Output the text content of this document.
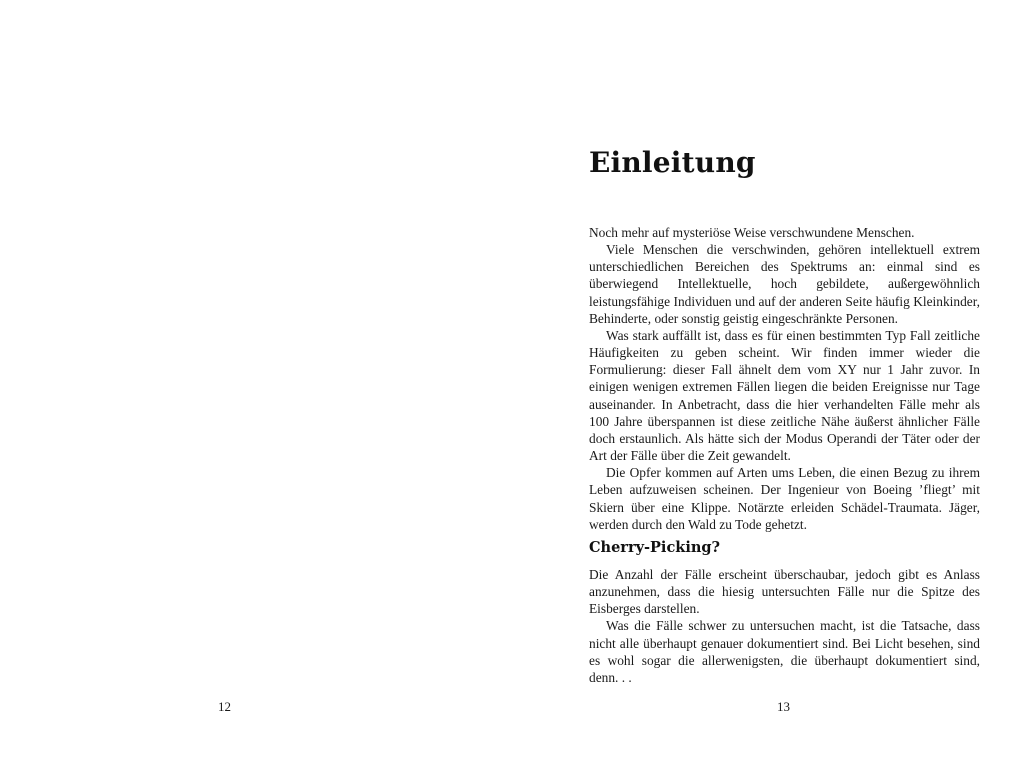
12
Einleitung

Noch mehr auf mysteriöse Weise verschwundene Menschen.

Viele Menschen die verschwinden, gehören intellektuell extrem unterschiedlichen Bereichen des Spektrums an: einmal sind es überwiegend Intellektuelle, hoch gebildete, außergewöhnlich leistungsfähige Individuen und auf der anderen Seite häufig Kleinkinder, Behinderte, oder sonstig geistig eingeschränkte Personen.

Was stark auffällt ist, dass es für einen bestimmten Typ Fall zeitliche Häufigkeiten zu geben scheint. Wir finden immer wieder die Formulierung: dieser Fall ähnelt dem vom XY nur 1 Jahr zuvor. In einigen wenigen extremen Fällen liegen die beiden Ereignisse nur Tage auseinander. In Anbetracht, dass die hier verhandelten Fälle mehr als 100 Jahre überspannen ist diese zeitliche Nähe äußerst ähnlicher Fälle doch erstaunlich. Als hätte sich der Modus Operandi der Täter oder der Art der Fälle über die Zeit gewandelt.

Die Opfer kommen auf Arten ums Leben, die einen Bezug zu ihrem Leben aufzuweisen scheinen. Der Ingenieur von Boeing ’fliegt’ mit Skiern über eine Klippe. Notärzte erleiden Schädel-Traumata. Jäger, werden durch den Wald zu Tode gehetzt.

Cherry-Picking?

Die Anzahl der Fälle erscheint überschaubar, jedoch gibt es Anlass anzunehmen, dass die hiesig untersuchten Fälle nur die Spitze des Eisberges darstellen.

Was die Fälle schwer zu untersuchen macht, ist die Tatsache, dass nicht alle überhaupt genauer dokumentiert sind. Bei Licht besehen, sind es wohl sogar die allerwenigsten, die überhaupt dokumentiert sind, denn. . .

13
